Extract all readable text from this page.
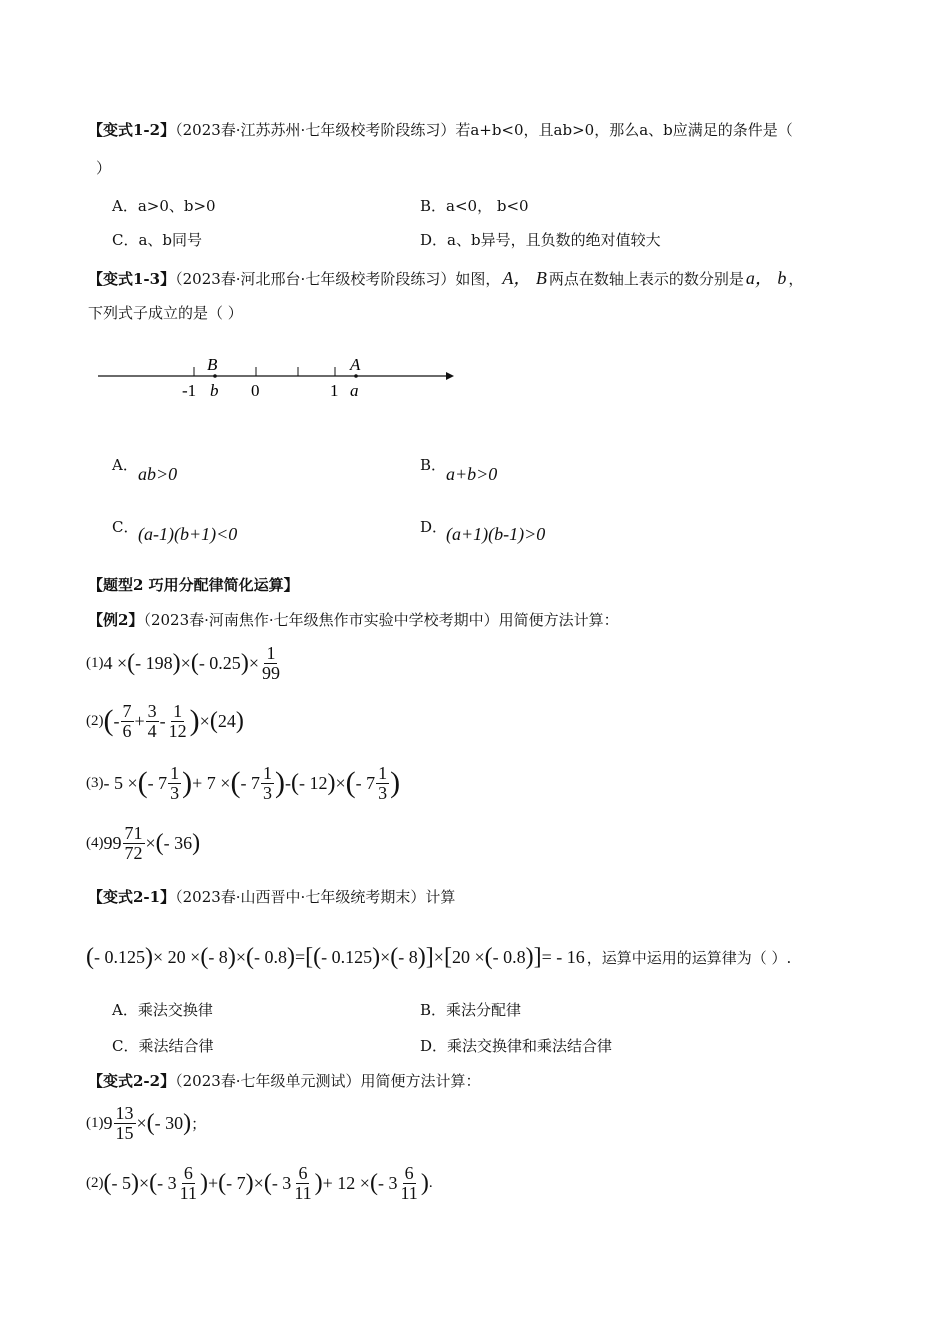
【变式1-2】（2023春·江苏苏州·七年级校考阶段练习）若a+b<0，且ab>0，那么a、b应满足的条件是（
）
A．a>0、b>0	B．a<0， b<0
C．a、b同号	D．a、b异号，且负数的绝对值较大
【变式1-3】（2023春·河北邢台·七年级校考阶段练习）如图， A， B 两点在数轴上表示的数分别是 a， b ，
下列式子成立的是（ ）
B	A
-1 b 0	1 a
A． ab>0	B． a+b>0
C． (a-1)(b+1)<0	D．
(a+1)(b-1)>0
【题型2 巧用分配律简化运算】
【例2】（2023春·河南焦作·七年级焦作市实验中学校考期中）用简便方法计算：
(1) 4 × ( - 198 ) × ( - 0.25 ) × $\frac{1}{99}$
(2) ( - $\frac{7}{6} + \frac{3}{4} - \frac{1}{12}$ ) × ( 24 )
(3) - 5 × ( - $7 \frac{1}{3}$ ) + 7 × ( - $7 \frac{1}{3}$ ) - ( - 12 ) × ( - $7 \frac{1}{3}$ )
(4) $99 \frac{71}{72}$ × ( - 36 )
【变式2-1】（2023春·山西晋中·七年级统考期末）计算
( - 0.125 ) × 20 × ( - 8 ) × ( - 0.8 ) = [ ( - 0.125 ) × ( - 8 ) ] × [ 20 × ( - 0.8 ) ] = - 16 ，运算中运用的运算律为（ ）.
A．乘法交换律	B．乘法分配律
C．乘法结合律	D．乘法交换律和乘法结合律
【变式2-2】（2023春·七年级单元测试）用简便方法计算：
(1) $9 \frac{13}{15}$ × ( - 30 ) ；
(2) ( - 5 ) × ( - $3 \frac{6}{11}$ ) + ( - 7 ) × ( - $3 \frac{6}{11}$ ) + 12 × ( - $3 \frac{6}{11}$ ) .
